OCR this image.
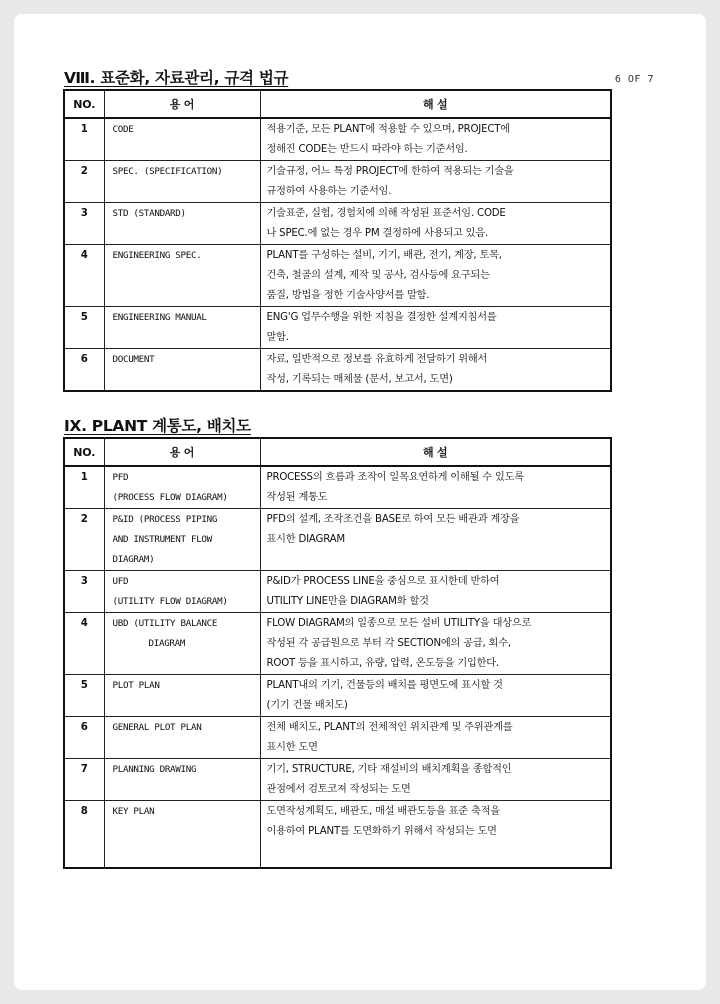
6 OF 7
Ⅷ. 표준화, 자료관리, 규격 법규
NO.	용 어	해 설
1	CODE	적용기준, 모든 PLANT에 적용할 수 있으며, PROJECT에
정해진 CODE는 반드시 따라야 하는 기준서임.

2	SPEC. (SPECIFICATION)	기술규정, 어느 특정 PROJECT에 한하여 적용되는 기술을
규정하여 사용하는 기준서임.

3	STD (STANDARD)	기술표준, 실험, 경험치에 의해 작성된 표준서임. CODE
나 SPEC.에 없는 경우 PM 결정하에 사용되고 있음.

4	ENGINEERING SPEC.	PLANT를 구성하는 설비, 기기, 배관, 전기, 계장, 토목,
건축, 철골의 설계, 제작 및 공사, 검사등에 요구되는
품질, 방법을 정한 기술사양서를 말함.

5	ENGINEERING MANUAL	ENG'G 업무수행을 위한 지침을 결정한 설계지침서를
말함.

6	DOCUMENT	자료, 일반적으로 정보를 유효하게 전달하기 위해서
작성, 기록되는 매체물 (문서, 보고서, 도면)
Ⅸ. PLANT 계통도, 배치도
NO.	용 어	해 설
1	PFD
(PROCESS FLOW DIAGRAM)	PROCESS의 흐름과 조작이 일목요연하게 이해될 수 있도록
작성된 계통도

2	P&ID (PROCESS PIPING
AND INSTRUMENT FLOW
DIAGRAM)	PFD의 설계, 조작조건을 BASE로 하여 모든 배관과 계장을
표시한 DIAGRAM

3	UFD
(UTILITY FLOW DIAGRAM)	P&ID가 PROCESS LINE을 중심으로 표시한데 반하여
UTILITY LINE만을 DIAGRAM화 할것

4	UBD (UTILITY BALANCE
DIAGRAM	FLOW DIAGRAM의 일종으로 모든 설비 UTILITY을 대상으로
작성된 각 공급원으로 부터 각 SECTION에의 공급, 회수,
ROOT 등을 표시하고, 유량, 압력, 온도등을 기입한다.

5	PLOT PLAN	PLANT내의 기기, 건물등의 배치를 평면도에 표시할 것
(기기 건물 배치도)

6	GENERAL PLOT PLAN	전체 배치도, PLANT의 전체적인 위치관계 및 주위관계를
표시한 도면

7	PLANNING DRAWING	기기, STRUCTURE, 기타 재설비의 배치계획을 종합적인
관점에서 검토코져 작성되는 도면

8	KEY PLAN	도면작성계획도, 배관도, 매설 배관도등을 표준 축적을
이용하여 PLANT를 도면화하기 위해서 작성되는 도면
